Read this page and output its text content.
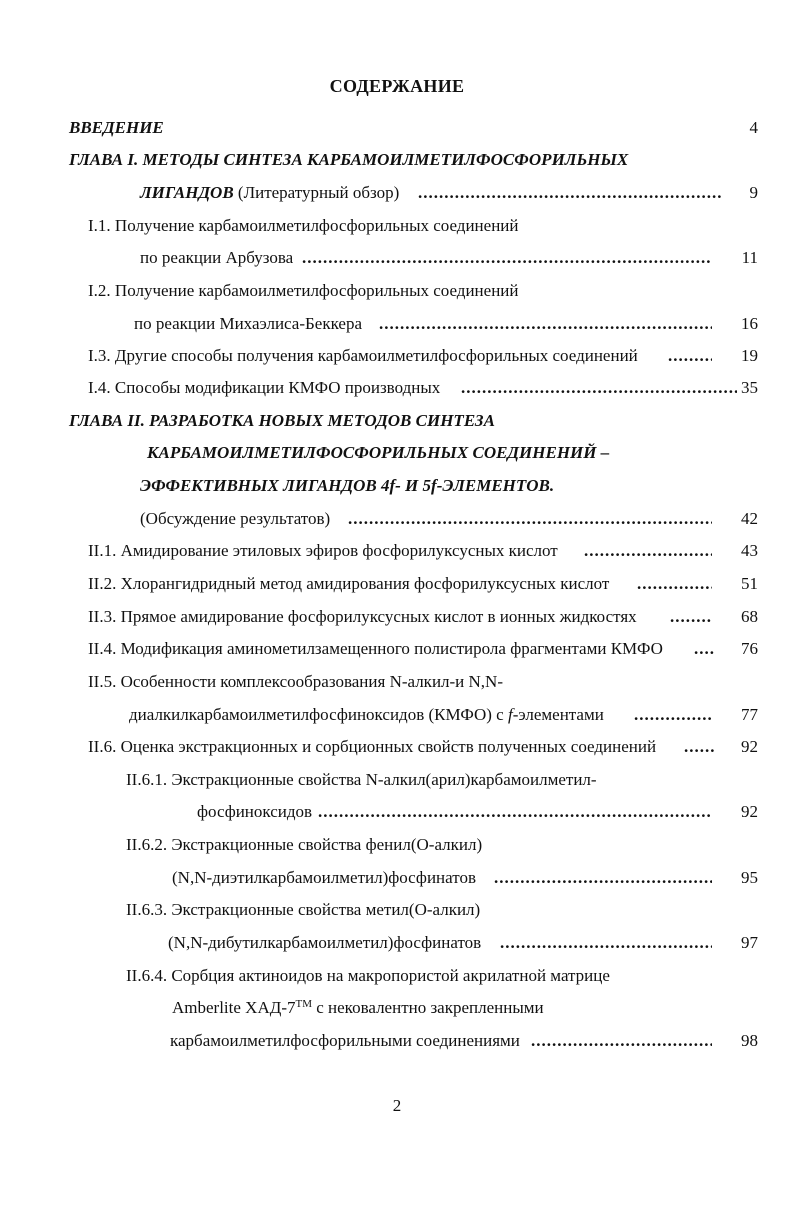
СОДЕРЖАНИЕ
ВВЕДЕНИЕ	4
ГЛАВА I. МЕТОДЫ СИНТЕЗА КАРБАМОИЛМЕТИЛФОСФОРИЛЬНЫХ
ЛИГАНДОВ (Литературный обзор) .....	9
I.1. Получение карбамоилметилфосфорильных соединений
по реакции Арбузова .....	11
I.2. Получение карбамоилметилфосфорильных соединений
по реакции Михаэлиса-Беккера .....	16
I.3. Другие способы получения карбамоилметилфосфорильных соединений .....	19
I.4. Способы модификации КМФО производных .....	35
ГЛАВА II. РАЗРАБОТКА НОВЫХ МЕТОДОВ СИНТЕЗА
КАРБАМОИЛМЕТИЛФОСФОРИЛЬНЫХ СОЕДИНЕНИЙ –
ЭФФЕКТИВНЫХ ЛИГАНДОВ 4f- И 5f-ЭЛЕМЕНТОВ.
(Обсуждение результатов) .....	42
II.1. Амидирование этиловых эфиров фосфорилуксусных кислот .....	43
II.2. Хлорангидридный метод амидирования фосфорилуксусных кислот .....	51
II.3. Прямое амидирование фосфорилуксусных кислот в ионных жидкостях .....	68
II.4. Модификация аминометилзамещенного полистирола фрагментами КМФО .....	76
II.5. Особенности комплексообразования N-алкил-и N,N-
диалкилкарбамоилметилфосфиноксидов (КМФО) с f-элементами .....	77
II.6. Оценка экстракционных и сорбционных свойств полученных соединений .....	92
II.6.1. Экстракционные свойства N-алкил(арил)карбамоилметил-
фосфиноксидов .....	92
II.6.2. Экстракционные свойства фенил(О-алкил)
(N,N-диэтилкарбамоилметил)фосфинатов .....	95
II.6.3. Экстракционные свойства метил(О-алкил)
(N,N-дибутилкарбамоилметил)фосфинатов .....	97
II.6.4. Сорбция актиноидов на макропористой акрилатной матрице
Amberlite XАД-7™ с нековалентно закрепленными
карбамоилметилфосфорильными соединениями .....	98
2
